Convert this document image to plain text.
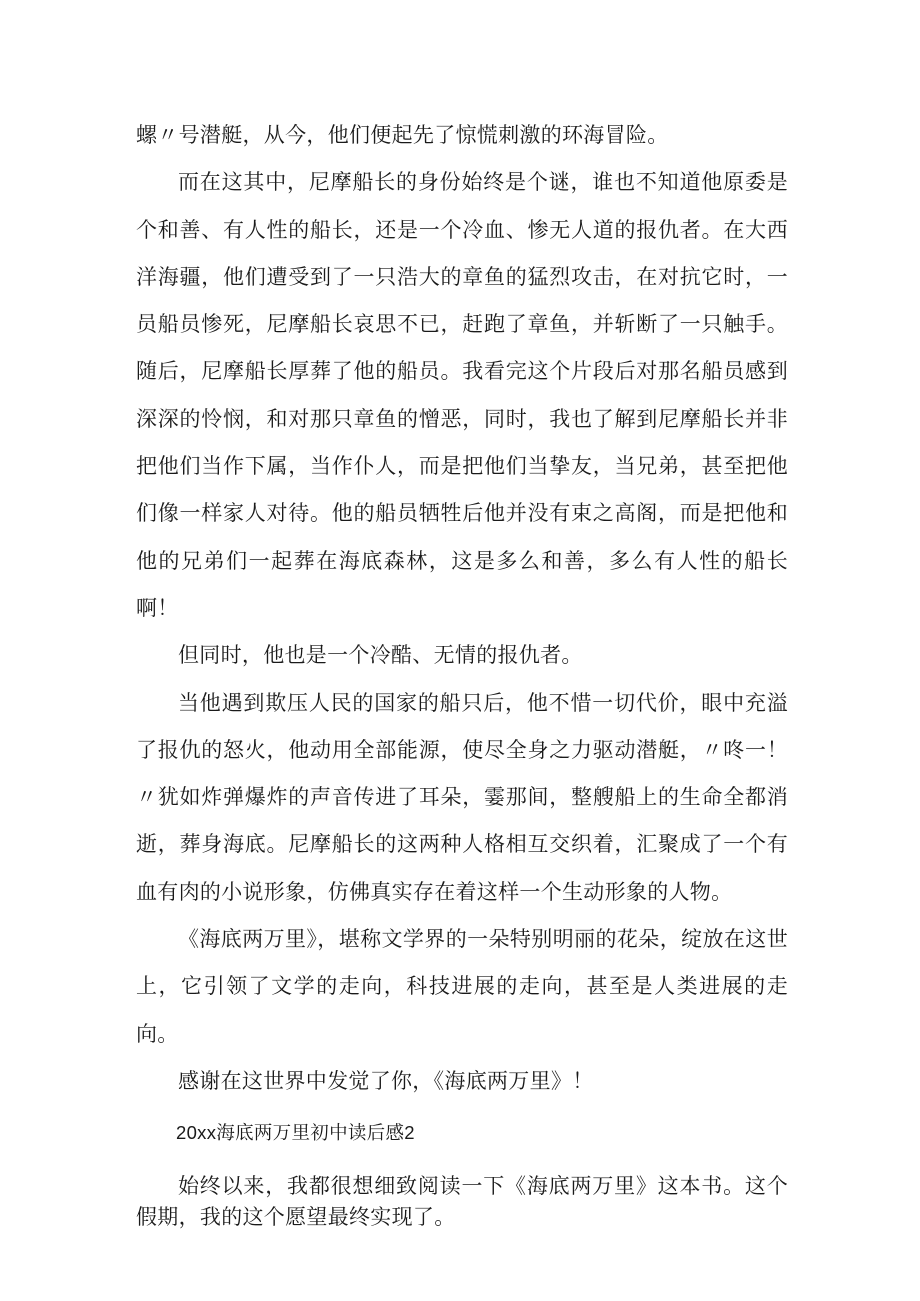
螺〃号潜艇，从今，他们便起先了惊慌刺激的环海冒险。

而在这其中，尼摩船长的身份始终是个谜，谁也不知道他原委是个和善、有人性的船长，还是一个冷血、惨无人道的报仇者。在大西洋海疆，他们遭受到了一只浩大的章鱼的猛烈攻击，在对抗它时，一员船员惨死，尼摩船长哀思不已，赶跑了章鱼，并斩断了一只触手。随后，尼摩船长厚葬了他的船员。我看完这个片段后对那名船员感到深深的怜悯，和对那只章鱼的憎恶，同时，我也了解到尼摩船长并非把他们当作下属，当作仆人，而是把他们当挚友，当兄弟，甚至把他们像一样家人对待。他的船员牺牲后他并没有束之高阁，而是把他和他的兄弟们一起葬在海底森林，这是多么和善，多么有人性的船长啊！

但同时，他也是一个冷酷、无情的报仇者。

当他遇到欺压人民的国家的船只后，他不惜一切代价，眼中充溢了报仇的怒火，他动用全部能源，使尽全身之力驱动潜艇，〃咚一！〃犹如炸弹爆炸的声音传进了耳朵，霎那间，整艘船上的生命全都消逝，葬身海底。尼摩船长的这两种人格相互交织着，汇聚成了一个有血有肉的小说形象，仿佛真实存在着这样一个生动形象的人物。

《海底两万里》，堪称文学界的一朵特别明丽的花朵，绽放在这世上，它引领了文学的走向，科技进展的走向，甚至是人类进展的走向。

感谢在这世界中发觉了你，《海底两万里》！

20xx海底两万里初中读后感2

始终以来，我都很想细致阅读一下《海底两万里》这本书。这个假期，我的这个愿望最终实现了。
